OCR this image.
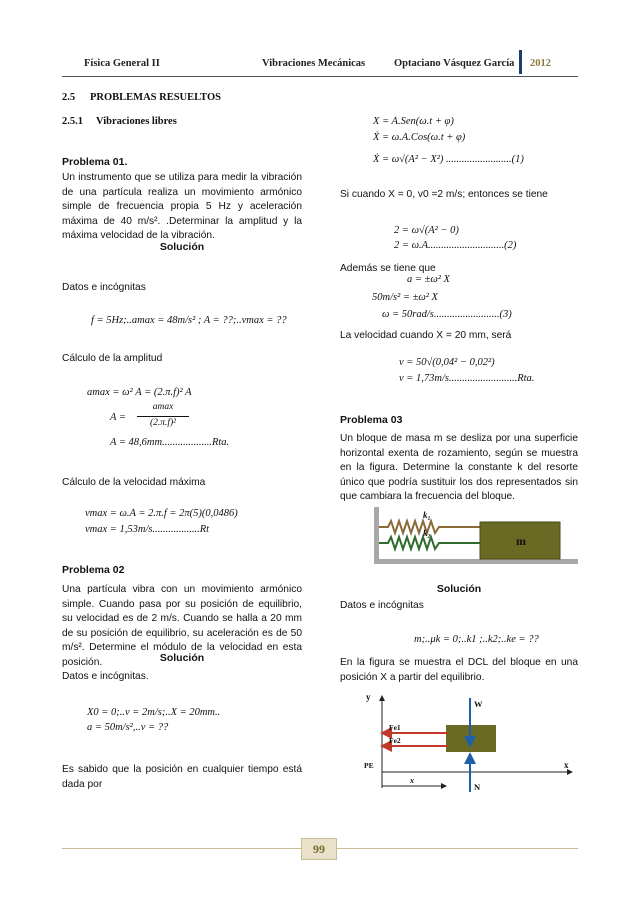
Física General II	Vibraciones Mecánicas	Optaciano Vásquez García 2012
2.5 PROBLEMAS RESUELTOS
2.5.1 Vibraciones libres
Problema 01.
Un instrumento que se utiliza para medir la vibración de una partícula realiza un movimiento armónico simple de frecuencia propia 5 Hz y aceleración máxima de 40 m/s². .Determinar la amplitud y la máxima velocidad de la vibración.
Solución
Datos e incógnitas
f = 5Hz;..amax = 48m/s² ; A = ??;..vmax = ??
Cálculo de la amplitud
amax = ω² A = (2.π.f)² A
A =
amax
(2.π.f)²
A = 48,6mm...................Rta.
Cálculo de la velocidad máxima
vmax = ω.A = 2.π.f = 2π(5)(0,0486)
vmax = 1,53m/s..................Rt
Problema 02
Una partícula vibra con un movimiento armónico simple. Cuando pasa por su posición de equilibrio, su velocidad es de 2 m/s. Cuando se halla a 20 mm de su posición de equilibrio, su aceleración es de 50 m/s². Determine el módulo de la velocidad en esta posición.	Solución
Datos e incógnitas.
X0 = 0;..v = 2m/s;..X = 20mm..
a = 50m/s²,..v = ??
Es sabido que la posición en cualquier tiempo está dada por
X = A.Sen(ω.t + φ)
Ẋ = ω.A.Cos(ω.t + φ)
Ẋ = ω√(A² − X²) .........................(1)
Si cuando X = 0, v0 =2 m/s; entonces se tiene
2 = ω√(A² − 0)
2 = ω.A.............................(2)
Además se tiene que
a = ±ω² X
50m/s² = ±ω² X
ω = 50rad/s.........................(3)
La velocidad cuando X = 20 mm, será
v = 50√(0,04² − 0,02²)
v = 1,73m/s..........................Rta.
Problema 03
Un bloque de masa m se desliza por una superficie horizontal exenta de rozamiento, según se muestra en la figura. Determine la constante k del resorte único que podría sustituir los dos representados sin que cambiara la frecuencia del bloque.
k₁
k₂
m
Solución
Datos e incógnitas
m;..μk = 0;..k1 ;..k2;..ke = ??
En la figura se muestra el DCL del bloque en una posición X a partir del equilibrio.
y
x
W
N
Fe1
Fe2
PE
x
99
